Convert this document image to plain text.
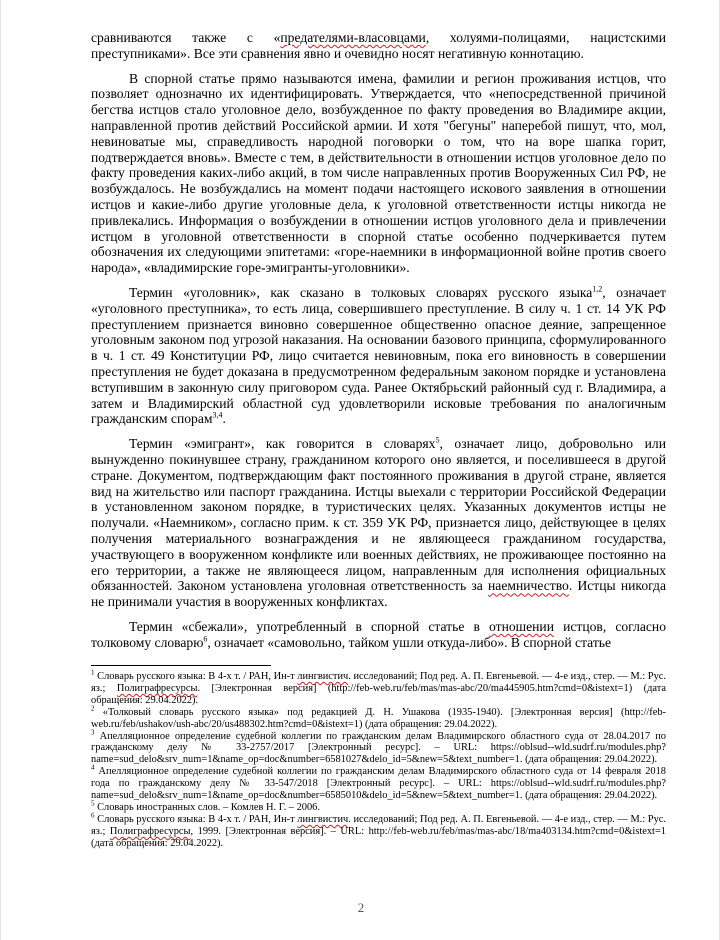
сравниваются также с «предателями-власовцами, холуями-полицаями, нацистскими преступниками». Все эти сравнения явно и очевидно носят негативную коннотацию.

В спорной статье прямо называются имена, фамилии и регион проживания истцов, что позволяет однозначно их идентифицировать. Утверждается, что «непосредственной причиной бегства истцов стало уголовное дело, возбужденное по факту проведения во Владимире акции, направленной против действий Российской армии. И хотя "бегуны" наперебой пишут, что, мол, невиноватые мы, справедливость народной поговорки о том, что на воре шапка горит, подтверждается вновь». Вместе с тем, в действительности в отношении истцов уголовное дело по факту проведения каких-либо акций, в том числе направленных против Вооруженных Сил РФ, не возбуждалось. Не возбуждались на момент подачи настоящего искового заявления в отношении истцов и какие-либо другие уголовные дела, к уголовной ответственности истцы никогда не привлекались. Информация о возбуждении в отношении истцов уголовного дела и привлечении истцом в уголовной ответственности в спорной статье особенно подчеркивается путем обозначения их следующими эпитетами: «горе-наемники в информационной войне против своего народа», «владимирские горе-эмигранты-уголовники».

Термин «уголовник», как сказано в толковых словарях русского языка$^{1,2}$, означает «уголовного преступника», то есть лица, совершившего преступление. В силу ч. 1 ст. 14 УК РФ преступлением признается виновно совершенное общественно опасное деяние, запрещенное уголовным законом под угрозой наказания. На основании базового принципа, сформулированного в ч. 1 ст. 49 Конституции РФ, лицо считается невиновным, пока его виновность в совершении преступления не будет доказана в предусмотренном федеральным законом порядке и установлена вступившим в законную силу приговором суда. Ранее Октябрьский районный суд г. Владимира, а затем и Владимирский областной суд удовлетворили исковые требования по аналогичным гражданским спорам$^{3,4}$.

Термин «эмигрант», как говорится в словарях$^5$, означает лицо, добровольно или вынужденно покинувшее страну, гражданином которого оно является, и поселившееся в другой стране. Документом, подтверждающим факт постоянного проживания в другой стране, является вид на жительство или паспорт гражданина. Истцы выехали с территории Российской Федерации в установленном законом порядке, в туристических целях. Указанных документов истцы не получали. «Наемником», согласно прим. к ст. 359 УК РФ, признается лицо, действующее в целях получения материального вознаграждения и не являющееся гражданином государства, участвующего в вооруженном конфликте или военных действиях, не проживающее постоянно на его территории, а также не являющееся лицом, направленным для исполнения официальных обязанностей. Законом установлена уголовная ответственность за наемничество. Истцы никогда не принимали участия в вооруженных конфликтах.

Термин «сбежали», употребленный в спорной статье в отношении истцов, согласно толковому словарю$^6$, означает «самовольно, тайком ушли откуда-либо». В спорной статье

$^1$ Словарь русского языка: В 4-х т. / РАН, Ин-т лингвистич. исследований; Под ред. А. П. Евгеньевой. — 4-е изд., стер. — М.: Рус. яз.; Полиграфресурсы. [Электронная версия] (http://feb-web.ru/feb/mas/mas-abc/20/ma445905.htm?cmd=0&istext=1) (дата обращения: 29.04.2022).

$^2$ «Толковый словарь русского языка» под редакцией Д. Н. Ушакова (1935-1940). [Электронная версия] (http://feb-web.ru/feb/ushakov/ush-abc/20/us488302.htm?cmd=0&istext=1) (дата обращения: 29.04.2022).

$^3$ Апелляционное определение судебной коллегии по гражданским делам Владимирского областного суда от 28.04.2017 по гражданскому делу № 33-2757/2017 [Электронный ресурс]. – URL: https://oblsud--wld.sudrf.ru/modules.php?name=sud_delo&srv_num=1&name_op=doc&number=6581027&delo_id=5&new=5&text_number=1. (дата обращения: 29.04.2022).

$^4$ Апелляционное определение судебной коллегии по гражданским делам Владимирского областного суда от 14 февраля 2018 года по гражданскому делу № 33-547/2018 [Электронный ресурс]. – URL: https://oblsud--wld.sudrf.ru/modules.php?name=sud_delo&srv_num=1&name_op=doc&number=6585010&delo_id=5&new=5&text_number=1. (дата обращения: 29.04.2022).

$^5$ Словарь иностранных слов. – Комлев Н. Г. – 2006.

$^6$ Словарь русского языка: В 4-х т. / РАН, Ин-т лингвистич. исследований; Под ред. А. П. Евгеньевой. — 4-е изд., стер. — М.: Рус. яз.; Полиграфресурсы, 1999. [Электронная версия]. – URL: http://feb-web.ru/feb/mas/mas-abc/18/ma403134.htm?cmd=0&istext=1 (дата обращения: 29.04.2022).

2
